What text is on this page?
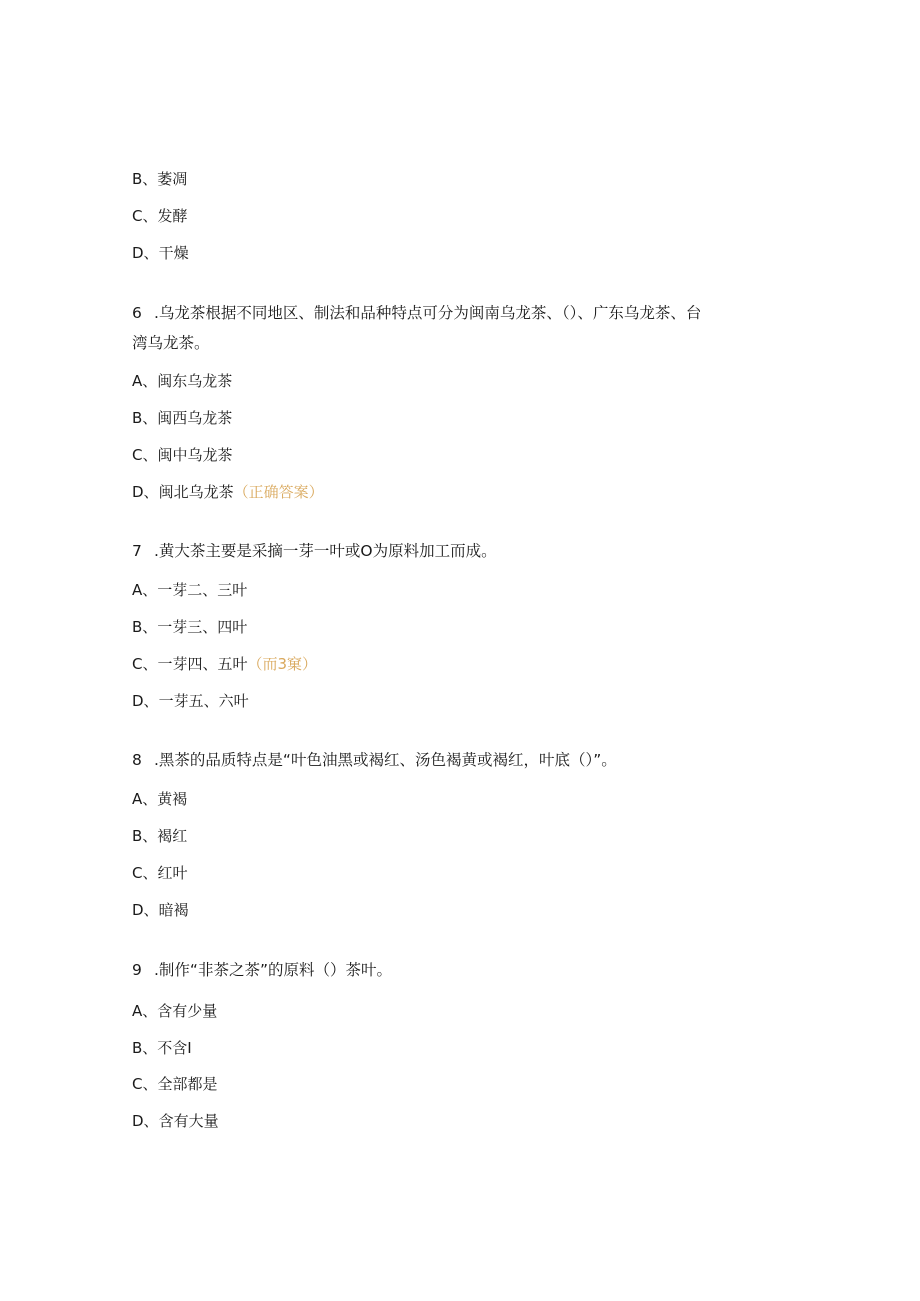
B、萎凋
C、发酵
D、干燥
6 .乌龙茶根据不同地区、制法和品种特点可分为闽南乌龙茶、（）、广东乌龙茶、台
湾乌龙茶。
A、闽东乌龙茶
B、闽西乌龙茶
C、闽中乌龙茶
D、闽北乌龙茶（正确答案）
7 .黄大茶主要是采摘一芽一叶或O为原料加工而成。
A、一芽二、三叶
B、一芽三、四叶
C、一芽四、五叶（而3窠）
D、一芽五、六叶
8 .黑茶的品质特点是“叶色油黑或褐红、汤色褐黄或褐红，叶底（）”。
A、黄褐
B、褐红
C、红叶
D、暗褐
9 .制作“非茶之茶”的原料（）茶叶。
A、含有少量
B、不含I
C、全部都是
D、含有大量
